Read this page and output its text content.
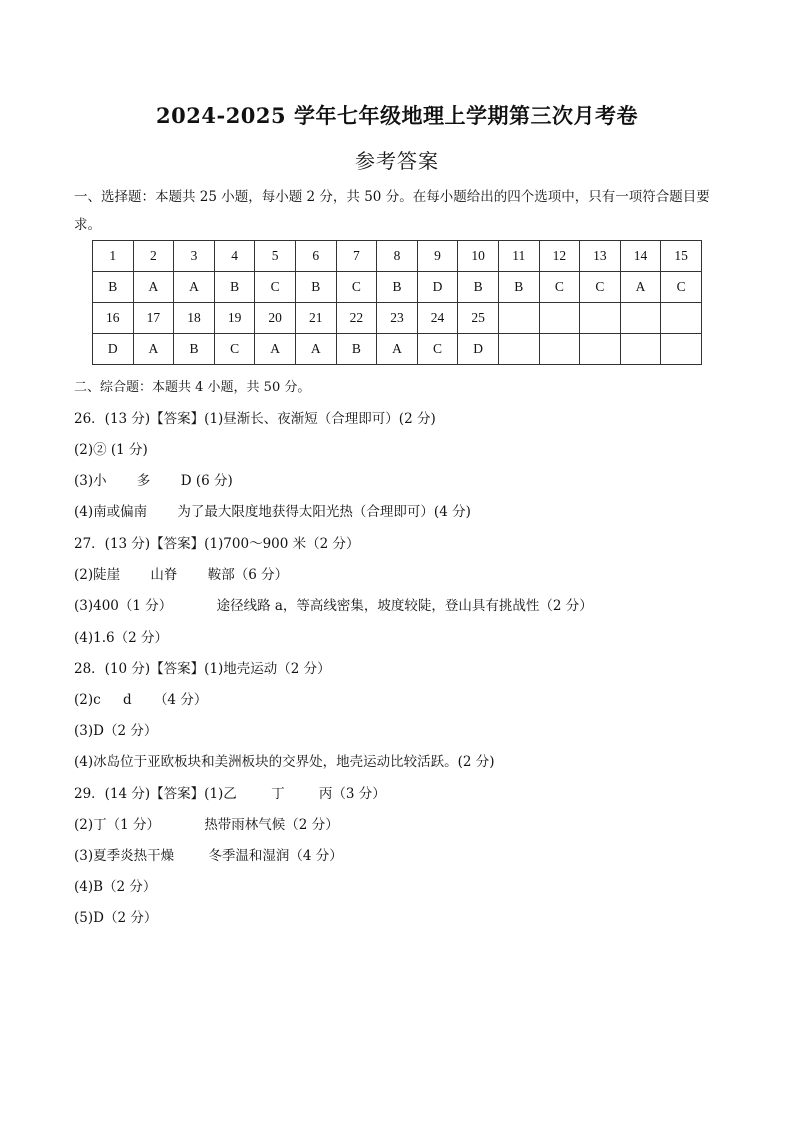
2024-2025 学年七年级地理上学期第三次月考卷
参考答案
一、选择题：本题共 25 小题，每小题 2 分，共 50 分。在每小题给出的四个选项中，只有一项符合题目要求。
1	2	3	4	5	6	7	8	9	10	11	12	13	14	15
B	A	A	B	C	B	C	B	D	B	B	C	C	A	C
16	17	18	19	20	21	22	23	24	25					
D	A	B	C	A	A	B	A	C	D					
二、综合题：本题共 4 小题，共 50 分。
26．(13 分)【答案】(1)昼渐长、夜渐短（合理即可）(2 分)
(2)② (1 分)
(3)小 多 D (6 分)
(4)南或偏南 为了最大限度地获得太阳光热（合理即可）(4 分)
27．(13 分)【答案】(1)700～900 米（2 分）
(2)陡崖 山脊 鞍部（6 分）
(3)400（1 分）	途径线路 a，等高线密集，坡度较陡，登山具有挑战性（2 分）
(4)1.6（2 分）
28．(10 分)【答案】(1)地壳运动（2 分）
(2)c d （4 分）
(3)D（2 分）
(4)冰岛位于亚欧板块和美洲板块的交界处，地壳运动比较活跃。(2 分)
29．(14 分)【答案】(1)乙	丁	丙（3 分）
(2)丁（1 分）	热带雨林气候（2 分）
(3)夏季炎热干燥	冬季温和湿润（4 分）
(4)B（2 分）
(5)D（2 分）
